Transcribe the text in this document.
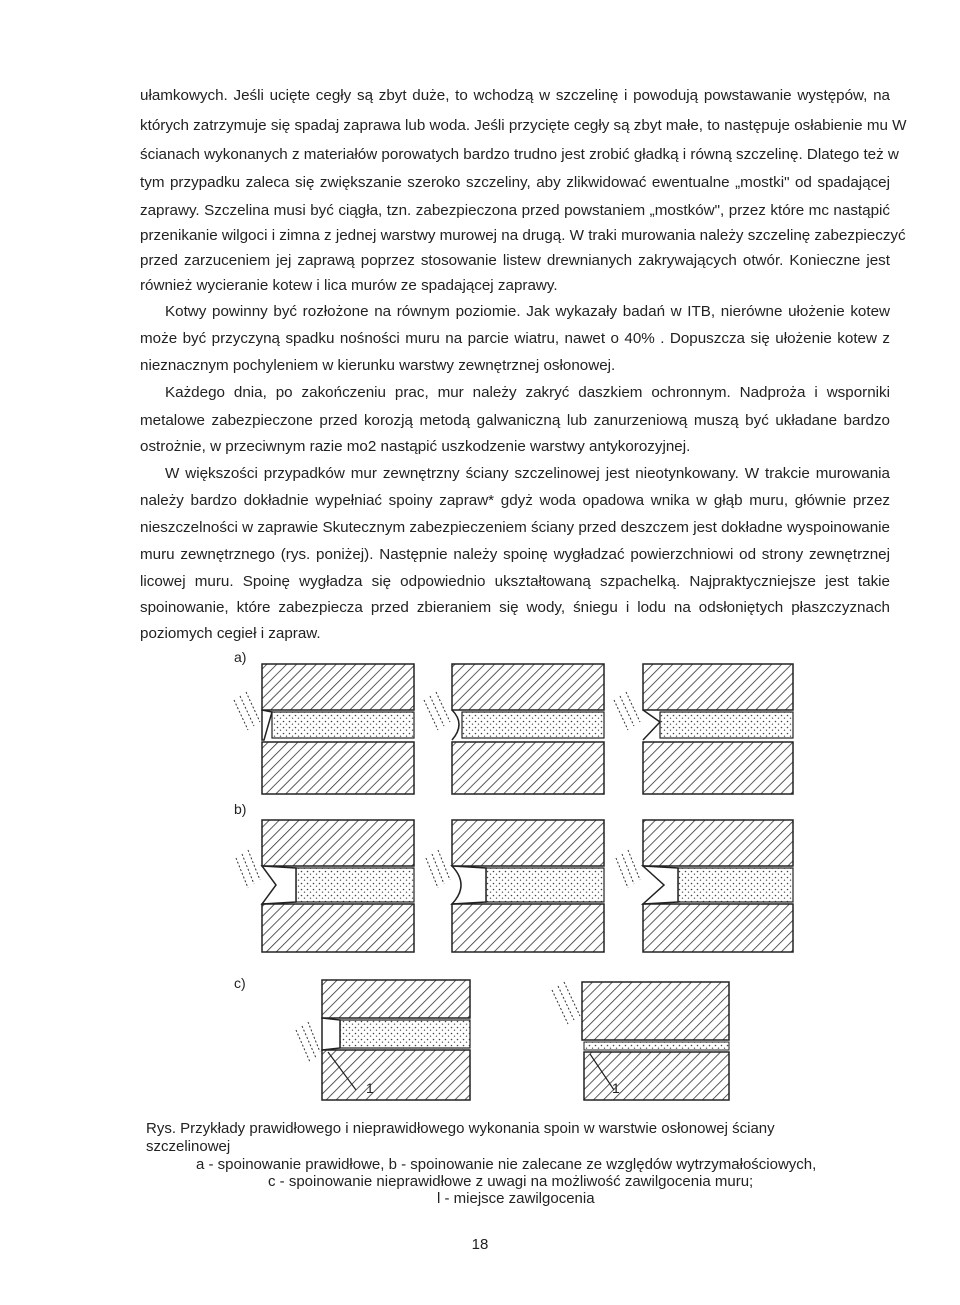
ułamkowych. Jeśli ucięte cegły są zbyt duże, to wchodzą w szczelinę i powodują powstawanie występów, na
których zatrzymuje się spadaj zaprawa lub woda. Jeśli przycięte cegły są zbyt małe, to następuje osłabienie mu W
ścianach wykonanych z materiałów porowatych bardzo trudno jest zrobić gładką i równą szczelinę. Dlatego też w
tym przypadku zaleca się zwiększanie szeroko szczeliny, aby zlikwidować ewentualne „mostki" od spadającej
zaprawy. Szczelina musi być ciągła, tzn. zabezpieczona przed powstaniem „mostków", przez które mc nastąpić
przenikanie wilgoci i zimna z jednej warstwy murowej na drugą. W traki murowania należy szczelinę zabezpieczyć
przed zarzuceniem jej zaprawą poprzez stosowanie listew drewnianych zakrywających otwór. Konieczne jest
również wycieranie kotew i lica murów ze spadającej zaprawy.
Kotwy powinny być rozłożone na równym poziomie. Jak wykazały badań w ITB, nierówne ułożenie kotew
może być przyczyną spadku nośności muru na parcie wiatru, nawet o 40% . Dopuszcza się ułożenie kotew z
nieznacznym pochyleniem w kierunku warstwy zewnętrznej osłonowej.
Każdego dnia, po zakończeniu prac, mur należy zakryć daszkiem ochronnym. Nadproża i wsporniki
metalowe zabezpieczone przed korozją metodą galwaniczną lub zanurzeniową muszą być układane bardzo
ostrożnie, w przeciwnym razie mo2 nastąpić uszkodzenie warstwy antykorozyjnej.
W większości przypadków mur zewnętrzny ściany szczelinowej jest nieotynkowany. W trakcie murowania
należy bardzo dokładnie wypełniać spoiny zapraw* gdyż woda opadowa wnika w głąb muru, głównie przez
nieszczelności w zaprawie Skutecznym zabezpieczeniem ściany przed deszczem jest dokładne wyspoinowanie
muru zewnętrznego (rys. poniżej). Następnie należy spoinę wygładzać powierzchniowi od strony zewnętrznej
licowej muru. Spoinę wygładza się odpowiednio ukształtowaną szpachelką. Najpraktyczniejsze jest takie
spoinowanie, które zabezpiecza przed zbieraniem się wody, śniegu i lodu na odsłoniętych płaszczyznach
poziomych cegieł i zapraw.
a)
b)
c)
1	1
Rys. Przykłady prawidłowego i nieprawidłowego wykonania spoin w warstwie osłonowej ściany
szczelinowej
a - spoinowanie prawidłowe, b - spoinowanie nie zalecane ze względów wytrzymałościowych,
c - spoinowanie nieprawidłowe z uwagi na możliwość zawilgocenia muru;
l - miejsce zawilgocenia
18
